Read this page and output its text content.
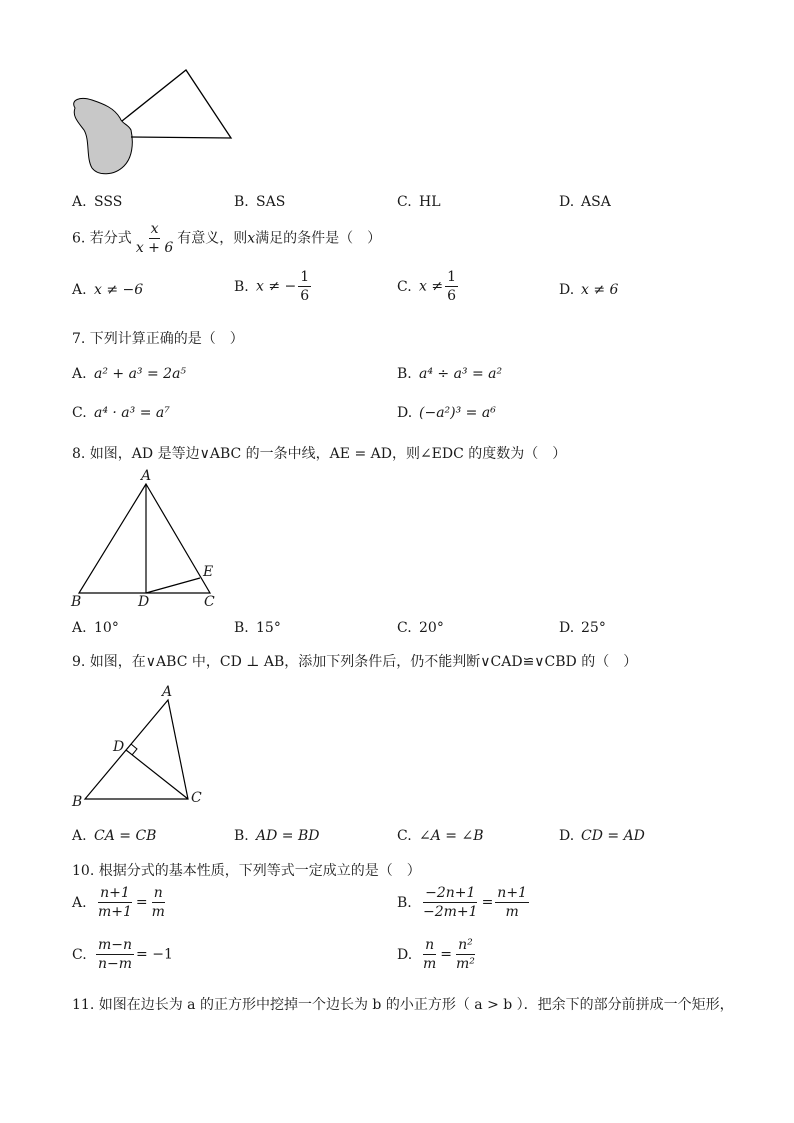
A. SSS	B. SAS	C. HL	D. ASA
6. 若分式 $\frac{x}{x + 6}$ 有意义，则x满足的条件是（　）
A. x ≠ −6	B. x ≠ − $\frac{1}{6}$	C. $x \ne \frac{1}{6}$	D. x ≠ 6
7. 下列计算正确的是（　）
A. a² + a³ = 2a⁵	B. a⁴ ÷ a³ = a²
C. a⁴ · a³ = a⁷	D. (−a²)³ = a⁶
8. 如图，AD 是等边∨ABC 的一条中线，AE = AD，则∠EDC 的度数为（　）
A
B	D	C
E
A. 10°	B. 15°	C. 20°	D. 25°
9. 如图，在∨ABC 中，CD ⊥ AB，添加下列条件后，仍不能判断∨CAD≌∨CBD 的（　）
A
D
B	C
A. CA = CB	B. AD = BD	C. ∠A = ∠B	D. CD = AD
10. 根据分式的基本性质，下列等式一定成立的是（　）
A. $\frac{n+1}{m+1} = \frac{n}{m}$	B. $\frac{-2n+1}{-2m+1} = \frac{n+1}{m}$
C. $\frac{m-n}{n-m} = -1$	D. $\frac{n}{m} = \frac{\text{n²}}{\text{m²}}$
11. 如图在边长为 a 的正方形中挖掉一个边长为 b 的小正方形（ a > b ）．把余下的部分前拼成一个矩形，
